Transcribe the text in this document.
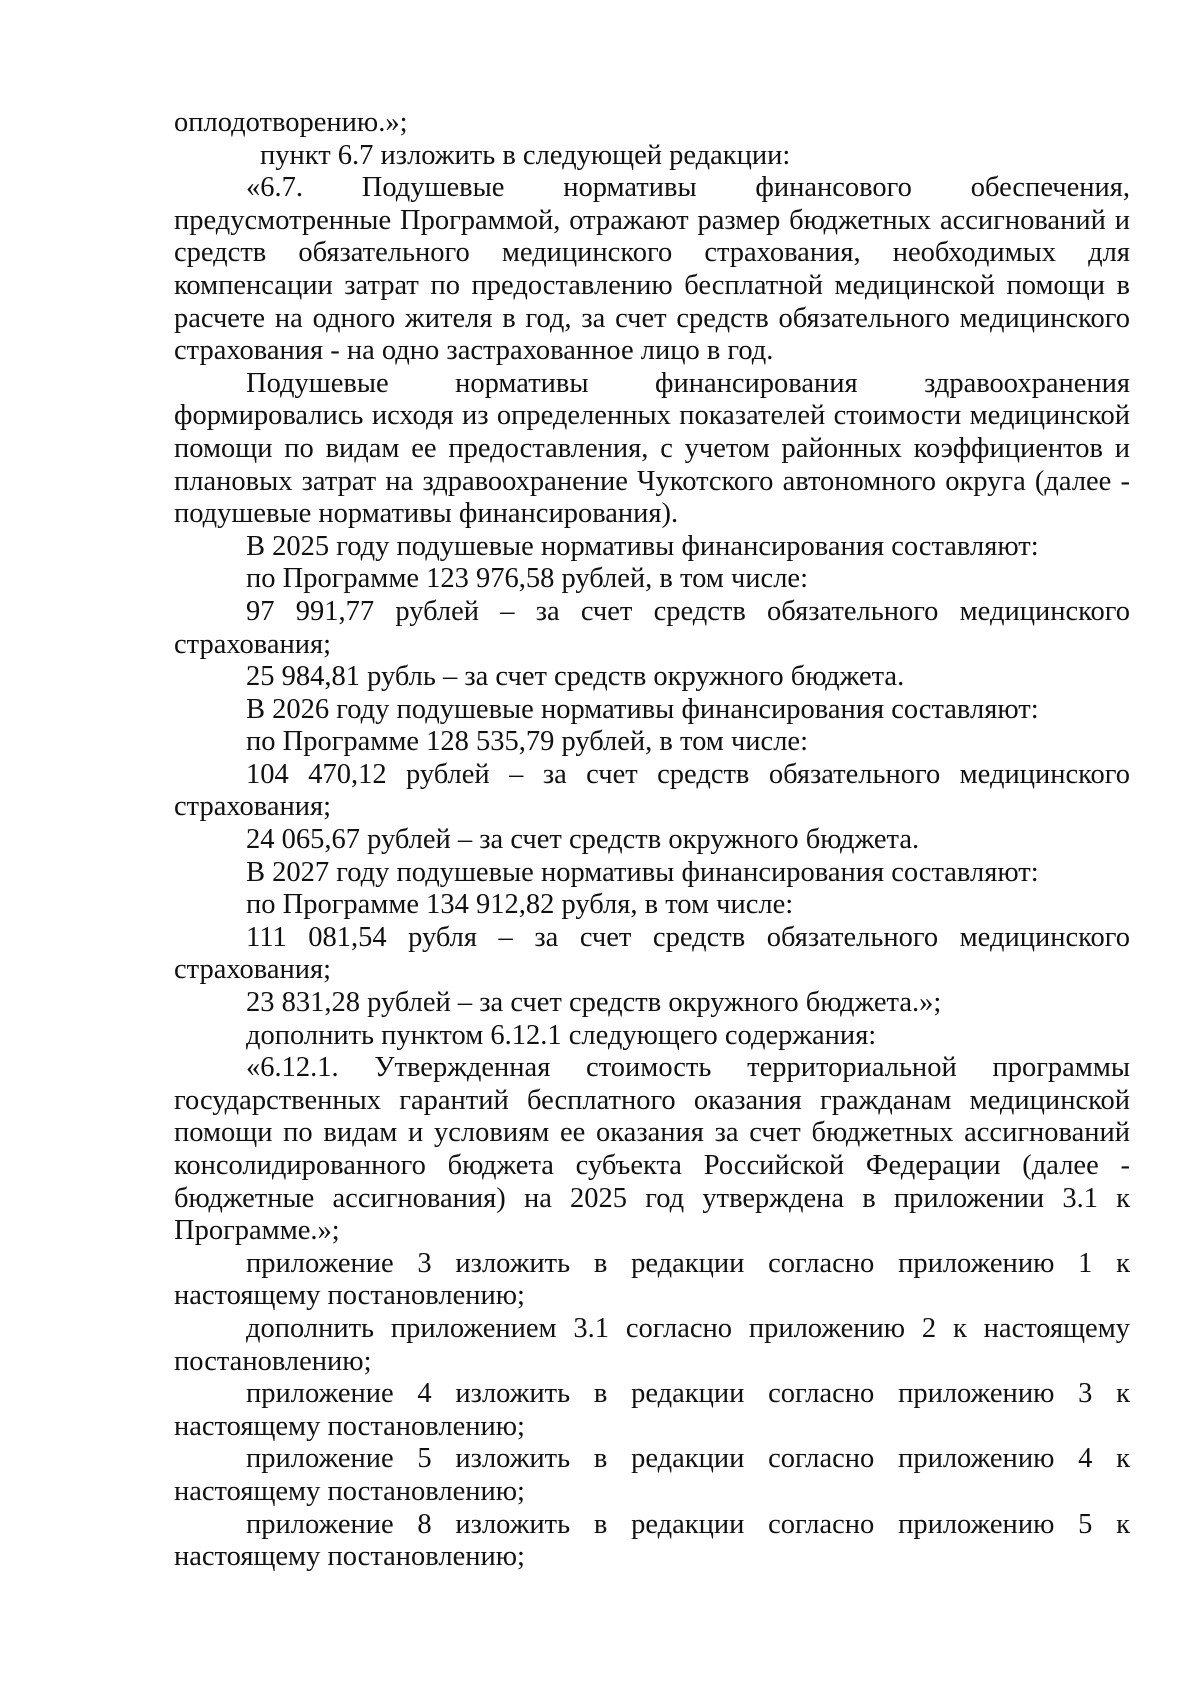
оплодотворению.»;

пункт 6.7 изложить в следующей редакции:

«6.7. Подушевые нормативы финансового обеспечения, предусмотренные Программой, отражают размер бюджетных ассигнований и средств обязательного медицинского страхования, необходимых для компенсации затрат по предоставлению бесплатной медицинской помощи в расчете на одного жителя в год, за счет средств обязательного медицинского страхования - на одно застрахованное лицо в год.

Подушевые нормативы финансирования здравоохранения формировались исходя из определенных показателей стоимости медицинской помощи по видам ее предоставления, с учетом районных коэффициентов и плановых затрат на здравоохранение Чукотского автономного округа (далее - подушевые нормативы финансирования).

В 2025 году подушевые нормативы финансирования составляют:

по Программе 123 976,58 рублей, в том числе:

97 991,77 рублей – за счет средств обязательного медицинского страхования;

25 984,81 рубль – за счет средств окружного бюджета.

В 2026 году подушевые нормативы финансирования составляют:

по Программе 128 535,79 рублей, в том числе:

104 470,12 рублей – за счет средств обязательного медицинского страхования;

24 065,67 рублей – за счет средств окружного бюджета.

В 2027 году подушевые нормативы финансирования составляют:

по Программе 134 912,82 рубля, в том числе:

111 081,54 рубля – за счет средств обязательного медицинского страхования;

23 831,28 рублей – за счет средств окружного бюджета.»;

дополнить пунктом 6.12.1 следующего содержания:

«6.12.1. Утвержденная стоимость территориальной программы государственных гарантий бесплатного оказания гражданам медицинской помощи по видам и условиям ее оказания за счет бюджетных ассигнований консолидированного бюджета субъекта Российской Федерации (далее - бюджетные ассигнования) на 2025 год утверждена в приложении 3.1 к Программе.»;

приложение 3 изложить в редакции согласно приложению 1 к настоящему постановлению;

дополнить приложением 3.1 согласно приложению 2 к настоящему постановлению;

приложение 4 изложить в редакции согласно приложению 3 к настоящему постановлению;

приложение 5 изложить в редакции согласно приложению 4 к настоящему постановлению;

приложение 8 изложить в редакции согласно приложению 5 к настоящему постановлению;
